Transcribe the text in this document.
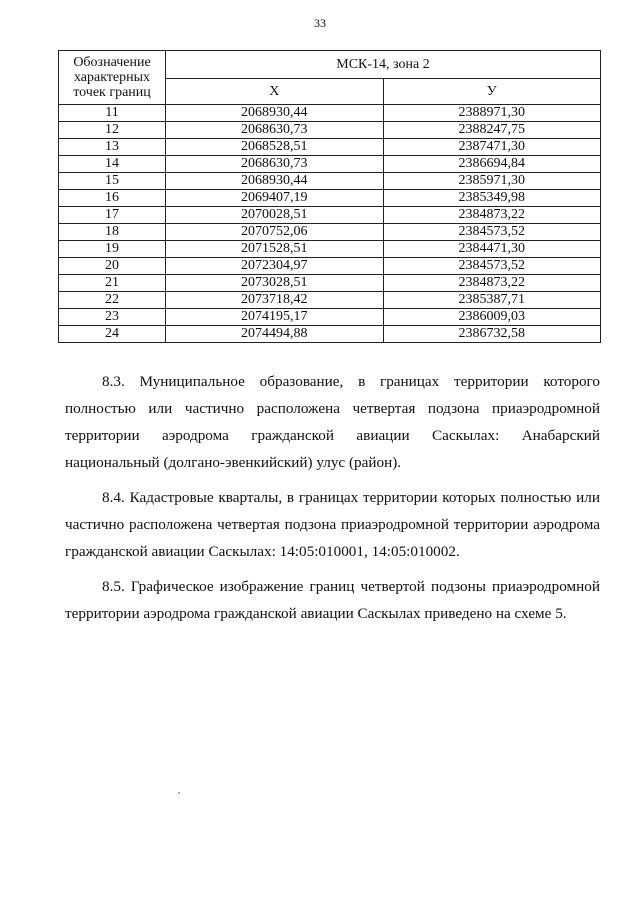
33
Обозначение характерных точек границ	МСК-14, зона 2	
	Х	У
11	2068930,44	2388971,30
12	2068630,73	2388247,75
13	2068528,51	2387471,30
14	2068630,73	2386694,84
15	2068930,44	2385971,30
16	2069407,19	2385349,98
17	2070028,51	2384873,22
18	2070752,06	2384573,52
19	2071528,51	2384471,30
20	2072304,97	2384573,52
21	2073028,51	2384873,22
22	2073718,42	2385387,71
23	2074195,17	2386009,03
24	2074494,88	2386732,58

8.3. Муниципальное образование, в границах территории которого полностью или частично расположена четвертая подзона приаэродромной территории аэродрома гражданской авиации Саскылах: Анабарский национальный (долгано-эвенкийский) улус (район).

8.4. Кадастровые кварталы, в границах территории которых полностью или частично расположена четвертая подзона приаэродромной территории аэродрома гражданской авиации Саскылах: 14:05:010001, 14:05:010002.

8.5. Графическое изображение границ четвертой подзоны приаэродромной территории аэродрома гражданской авиации Саскылах приведено на схеме 5.
